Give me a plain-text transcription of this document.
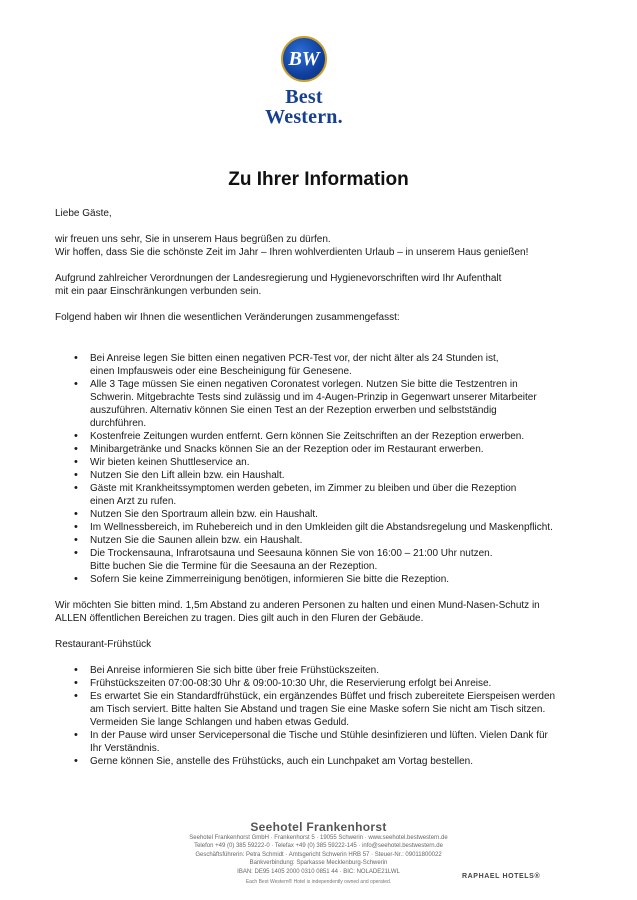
BW
Best
Western.
Zu Ihrer Information

Liebe Gäste,

wir freuen uns sehr, Sie in unserem Haus begrüßen zu dürfen.
Wir hoffen, dass Sie die schönste Zeit im Jahr – Ihren wohlverdienten Urlaub – in unserem Haus genießen!

Aufgrund zahlreicher Verordnungen der Landesregierung und Hygienevorschriften wird Ihr Aufenthalt
mit ein paar Einschränkungen verbunden sein.

Folgend haben wir Ihnen die wesentlichen Veränderungen zusammengefasst:

• Bei Anreise legen Sie bitten einen negativen PCR-Test vor, der nicht älter als 24 Stunden ist,
einen Impfausweis oder eine Bescheinigung für Genesene.
• Alle 3 Tage müssen Sie einen negativen Coronatest vorlegen. Nutzen Sie bitte die Testzentren in
Schwerin. Mitgebrachte Tests sind zulässig und im 4-Augen-Prinzip in Gegenwart unserer Mitarbeiter
auszuführen. Alternativ können Sie einen Test an der Rezeption erwerben und selbstständig
durchführen.
• Kostenfreie Zeitungen wurden entfernt. Gern können Sie Zeitschriften an der Rezeption erwerben.
• Minibargetränke und Snacks können Sie an der Rezeption oder im Restaurant erwerben.
• Wir bieten keinen Shuttleservice an.
• Nutzen Sie den Lift allein bzw. ein Haushalt.
• Gäste mit Krankheitssymptomen werden gebeten, im Zimmer zu bleiben und über die Rezeption
einen Arzt zu rufen.
• Nutzen Sie den Sportraum allein bzw. ein Haushalt.
• Im Wellnessbereich, im Ruhebereich und in den Umkleiden gilt die Abstandsregelung und Maskenpflicht.
• Nutzen Sie die Saunen allein bzw. ein Haushalt.
• Die Trockensauna, Infrarotsauna und Seesauna können Sie von 16:00 – 21:00 Uhr nutzen.
Bitte buchen Sie die Termine für die Seesauna an der Rezeption.
• Sofern Sie keine Zimmerreinigung benötigen, informieren Sie bitte die Rezeption.

Wir möchten Sie bitten mind. 1,5m Abstand zu anderen Personen zu halten und einen Mund-Nasen-Schutz in
ALLEN öffentlichen Bereichen zu tragen. Dies gilt auch in den Fluren der Gebäude.

Restaurant-Frühstück

• Bei Anreise informieren Sie sich bitte über freie Frühstückszeiten.
• Frühstückszeiten 07:00-08:30 Uhr & 09:00-10:30 Uhr, die Reservierung erfolgt bei Anreise.
• Es erwartet Sie ein Standardfrühstück, ein ergänzendes Büffet und frisch zubereitete Eierspeisen werden
am Tisch serviert. Bitte halten Sie Abstand und tragen Sie eine Maske sofern Sie nicht am Tisch sitzen.
Vermeiden Sie lange Schlangen und haben etwas Geduld.
• In der Pause wird unser Servicepersonal die Tische und Stühle desinfizieren und lüften. Vielen Dank für
Ihr Verständnis.
• Gerne können Sie, anstelle des Frühstücks, auch ein Lunchpaket am Vortag bestellen.
Seehotel Frankenhorst
Seehotel Frankenhorst GmbH · Frankenhorst 5 · 19055 Schwerin · www.seehotel.bestwestern.de
Telefon +49 (0) 385 59222-0 · Telefax +49 (0) 385 59222-145 · info@seehotel.bestwestern.de
Geschäftsführerin: Petra Schmidt · Amtsgericht Schwerin HRB 57 · Steuer-Nr.: 09011800022
Bankverbindung: Sparkasse Mecklenburg-Schwerin
IBAN: DE95 1405 2000 0310 0851 44 · BIC: NOLADE21LWL
Each Best Western® Hotel is independently owned and operated.
RAPHAEL HOTELS®
